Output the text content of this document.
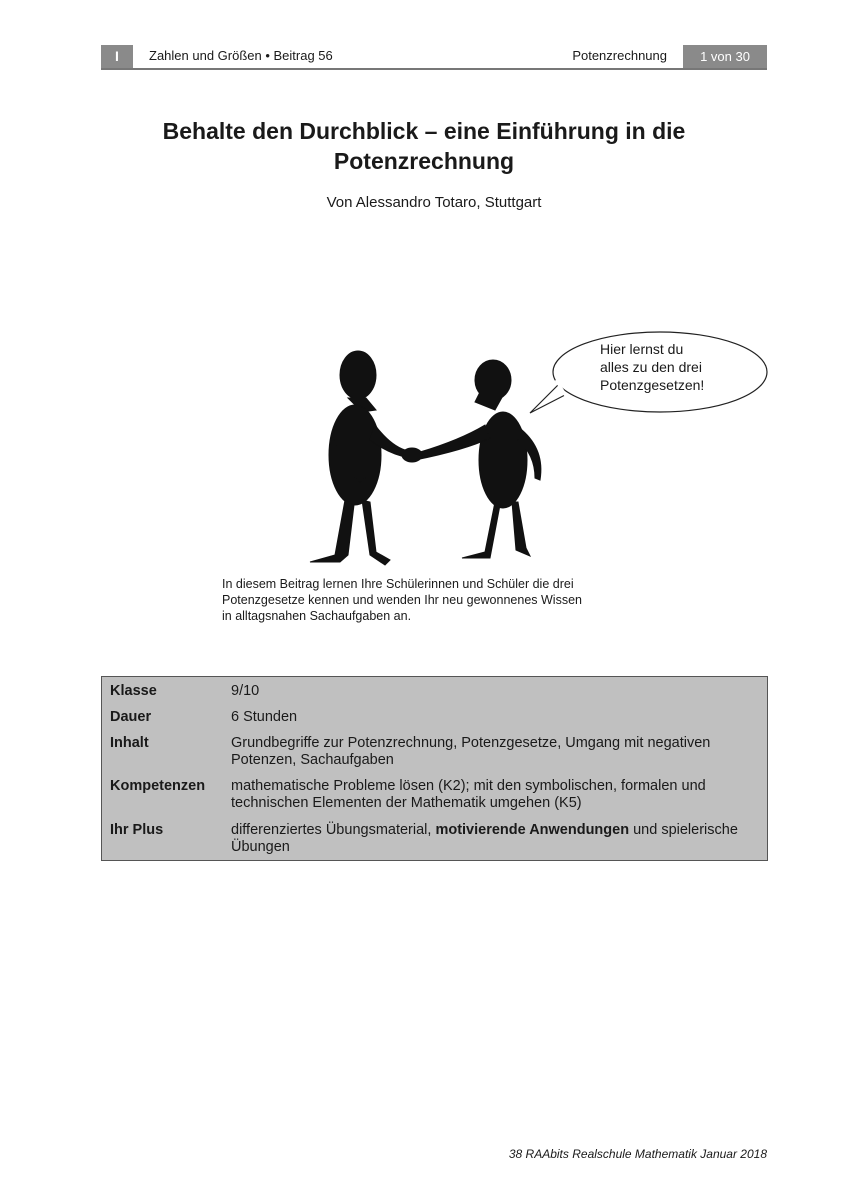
I	Zahlen und Größen • Beitrag 56	Potenzrechnung	1 von 30
Behalte den Durchblick – eine Einführung in die
Potenzrechnung
Von Alessandro Totaro, Stuttgart
Hier lernst du
alles zu den drei
Potenzgesetzen!
In diesem Beitrag lernen Ihre Schülerinnen und Schüler die drei
Potenzgesetze kennen und wenden Ihr neu gewonnenes Wissen
in alltagsnahen Sachaufgaben an.
Klasse	9/10
Dauer	6 Stunden
Inhalt	Grundbegriffe zur Potenzrechnung, Potenzgesetze, Umgang mit negativen Potenzen, Sachaufgaben
Kompetenzen	mathematische Probleme lösen (K2); mit den symbolischen, formalen und technischen Elementen der Mathematik umgehen (K5)
Ihr Plus	differenziertes Übungsmaterial, motivierende Anwendungen und spielerische Übungen
38 RAAbits Realschule Mathematik Januar 2018
